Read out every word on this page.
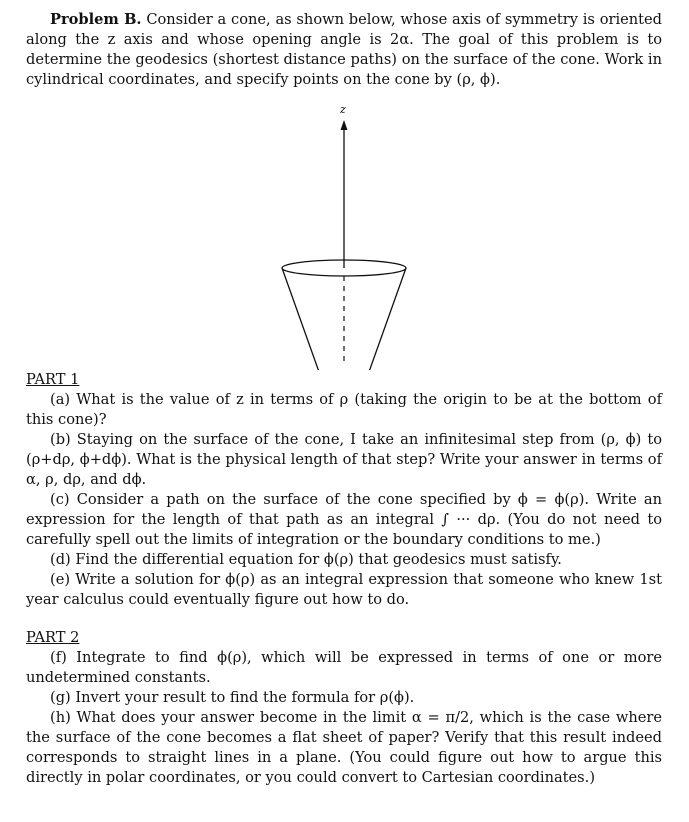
Problem B. Consider a cone, as shown below, whose axis of symmetry is oriented along the z axis and whose opening angle is 2α. The goal of this problem is to determine the geodesics (shortest distance paths) on the surface of the cone. Work in cylindrical coordinates, and specify points on the cone by (ρ, ϕ).

z

PART 1

(a) What is the value of z in terms of ρ (taking the origin to be at the bottom of this cone)?

(b) Staying on the surface of the cone, I take an infinitesimal step from (ρ, ϕ) to (ρ+dρ, ϕ+dϕ). What is the physical length of that step? Write your answer in terms of α, ρ, dρ, and dϕ.

(c) Consider a path on the surface of the cone specified by ϕ = ϕ(ρ). Write an expression for the length of that path as an integral ∫ ··· dρ. (You do not need to carefully spell out the limits of integration or the boundary conditions to me.)

(d) Find the differential equation for ϕ(ρ) that geodesics must satisfy.

(e) Write a solution for ϕ(ρ) as an integral expression that someone who knew 1st year calculus could eventually figure out how to do.

PART 2

(f) Integrate to find ϕ(ρ), which will be expressed in terms of one or more undetermined constants.

(g) Invert your result to find the formula for ρ(ϕ).

(h) What does your answer become in the limit α = π/2, which is the case where the surface of the cone becomes a flat sheet of paper? Verify that this result indeed corresponds to straight lines in a plane. (You could figure out how to argue this directly in polar coordinates, or you could convert to Cartesian coordinates.)
